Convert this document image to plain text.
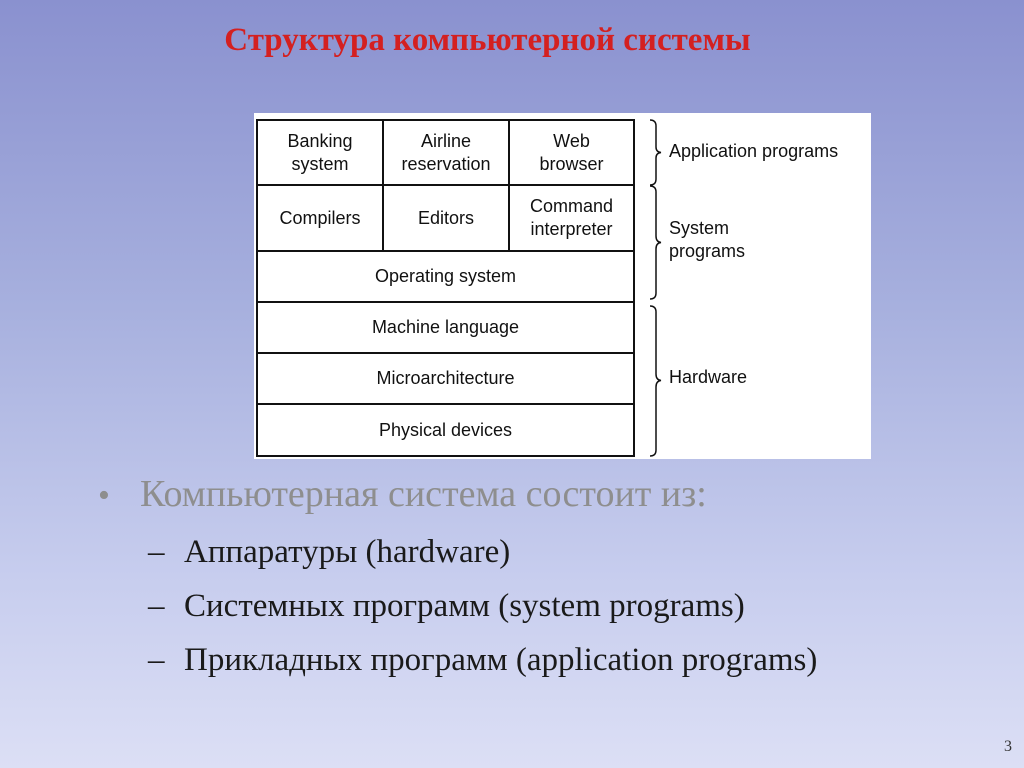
Структура компьютерной системы
Banking
system
Airline
reservation
Web
browser
Compilers	Editors
Command
interpreter
Operating system
Machine language
Microarchitecture
Physical devices
Application programs
System
programs
Hardware
• Компьютерная система состоит из:
– Аппаратуры (hardware)
– Системных программ (system programs)
– Прикладных программ (application programs)
3
